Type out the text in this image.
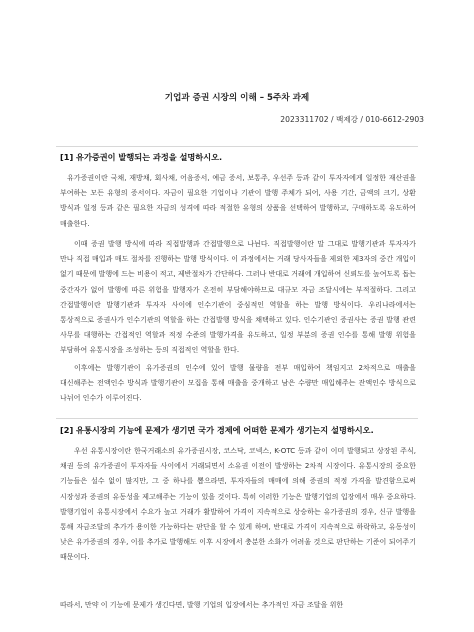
기업과 증권 시장의 이해 – 5주차 과제
2023311702 / 백제강 / 010-6612-2903
[1] 유가증권이 발행되는 과정을 설명하시오.
유가증권이란 국채, 재방채, 회사채, 어음증서, 예금 증서, 보통주, 우선주 등과 같이 투자자에게 일정한 재산권을 부여하는 모든 유형의 증서이다. 자금이 필요한 기업이나 기관이 발행 주체가 되어, 사용 기간, 금액의 크기, 상환 방식과 일정 등과 같은 필요한 자금의 성격에 따라 적절한 유형의 상품을 선택하여 발행하고, 구매하도록 유도하여 매출한다.
이때 증권 발행 방식에 따라 직접발행과 간접발행으로 나뉜다. 직접발행이란 말 그대로 발행기관과 투자자가 만나 직접 매입과 매도 절차를 진행하는 발행 방식이다. 이 과정에서는 거래 당사자들을 제외한 제3자의 중간 개입이 없기 때문에 발행에 드는 비용이 적고, 제반절차가 간단하다. 그러나 반대로 거래에 개입하여 신뢰도를 높여도록 돕는 중간자가 없어 발행에 따른 위험을 발행자가 온전히 부담해야하므로 대규모 자금 조달시에는 부적절하다. 그리고 간접발행이란 발행기관과 투자자 사이에 인수기관이 중심적인 역할을 하는 발행 방식이다. 우리나라에서는 통상적으로 증권사가 인수기관의 역할을 하는 간접발행 방식을 채택하고 있다. 인수기관인 증권사는 증권 발행 관련 사무를 대행하는 간접적인 역할과 적정 수준의 발행가격을 유도하고, 일정 부분의 증권 인수를 통해 발행 위험을 부담하여 유통시장을 조성하는 등의 직접적인 역할을 한다.
이후에는 발행기관이 유가증권의 인수에 있어 발행 물량을 전부 매입하여 책임지고 2차적으로 매출을 대신해주는 전액인수 방식과 발행기관이 모집을 통해 매출을 중개하고 남은 수량만 매입해주는 잔액인수 방식으로 나뉘어 인수가 이루어진다.
[2] 유통시장의 기능에 문제가 생기면 국가 경제에 어떠한 문제가 생기는지 설명하시오.
우선 유통시장이란 한국거래소의 유가증권시장, 코스닥, 코넥스, K-OTC 등과 같이 이미 발행되고 상장된 주식, 채권 등의 유가증권이 투자자들 사이에서 거래되면서 소유권 이전이 발생하는 2차적 시장이다. 유통시장의 중요한 기능들은 설수 없이 많지만, 그 중 하나를 뽑으라면, 투자자들의 매매에 의해 증권의 적정 가격을 발견함으로써 시장성과 증권의 유동성을 제고해주는 기능이 있을 것이다. 특히 이러한 기능은 발행기업의 입장에서 매우 중요하다. 발행기업이 유통시장에서 수요가 높고 거래가 활발하여 가격이 지속적으로 상승하는 유가증권의 경우, 신규 발행을 통해 자금조달의 추가가 용이한 가능하다는 판단을 할 수 있게 하며, 반대로 가격이 지속적으로 하락하고, 유동성이 낮은 유가증권의 경우, 이를 추가로 발행해도 이후 시장에서 충분한 소화가 어려울 것으로 판단하는 기준이 되어주기 때문이다.
따라서, 만약 이 기능에 문제가 생긴다면, 발행 기업의 입장에서는 추가적인 자금 조달을 위한
